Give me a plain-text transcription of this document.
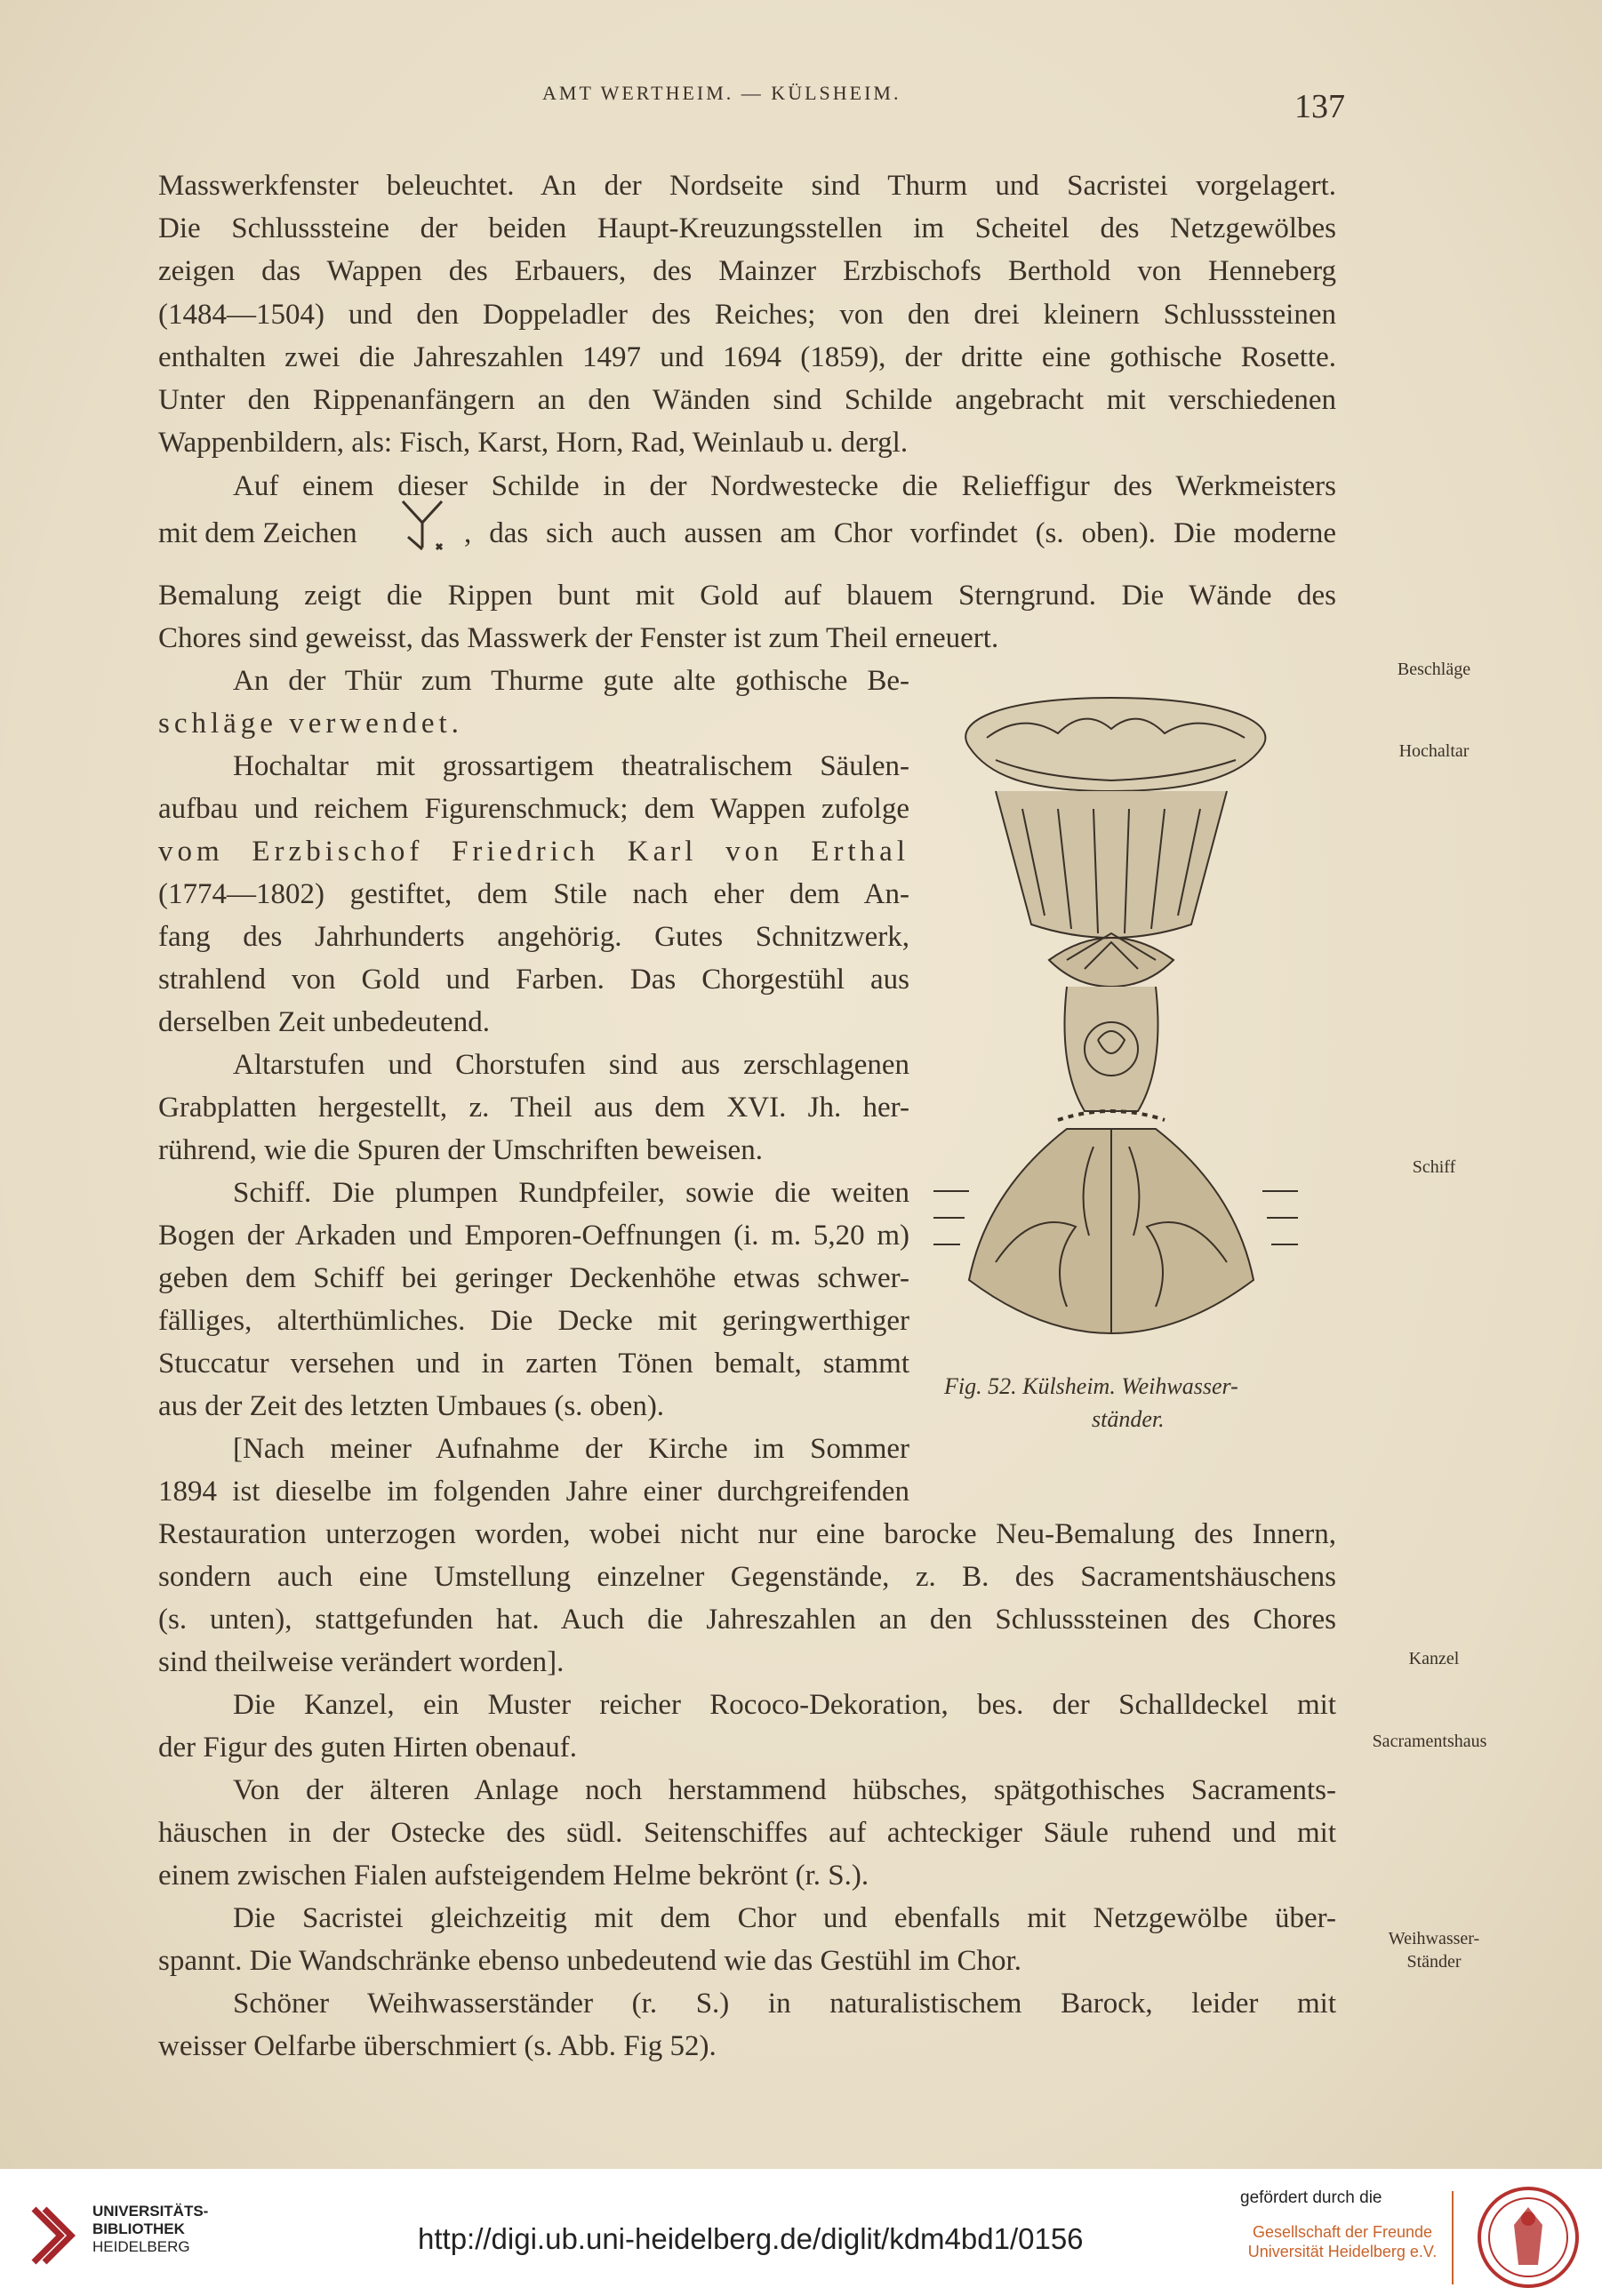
AMT WERTHEIM. — KÜLSHEIM.	137
Masswerkfenster beleuchtet. An der Nordseite sind Thurm und Sacristei vorgelagert.
Die Schlusssteine der beiden Haupt-Kreuzungsstellen im Scheitel des Netzgewölbes
zeigen das Wappen des Erbauers, des Mainzer Erzbischofs Berthold von Henneberg
(1484—1504) und den Doppeladler des Reiches; von den drei kleinern Schlusssteinen
enthalten zwei die Jahreszahlen 1497 und 1694 (1859), der dritte eine gothische Rosette.
Unter den Rippenanfängern an den Wänden sind Schilde angebracht mit verschiedenen
Wappenbildern, als: Fisch, Karst, Horn, Rad, Weinlaub u. dergl.
Auf einem dieser Schilde in der Nordwestecke die Relieffigur des Werkmeisters
mit dem Zeichen	, das sich auch aussen am Chor vorfindet (s. oben). Die moderne
Bemalung zeigt die Rippen bunt mit Gold auf blauem Sterngrund. Die Wände des
Chores sind geweisst, das Masswerk der Fenster ist zum Theil erneuert.
An der Thür zum Thurme gute alte gothische Be-
schläge verwendet.
Hochaltar mit grossartigem theatralischem Säulen-
aufbau und reichem Figurenschmuck; dem Wappen zufolge
vom Erzbischof Friedrich Karl von Erthal
(1774—1802) gestiftet, dem Stile nach eher dem An-
fang des Jahrhunderts angehörig. Gutes Schnitzwerk,
strahlend von Gold und Farben. Das Chorgestühl aus
derselben Zeit unbedeutend.
Altarstufen und Chorstufen sind aus zerschlagenen
Grabplatten hergestellt, z. Theil aus dem XVI. Jh. her-
rührend, wie die Spuren der Umschriften beweisen.
Schiff. Die plumpen Rundpfeiler, sowie die weiten
Bogen der Arkaden und Emporen-Oeffnungen (i. m. 5,20 m)
geben dem Schiff bei geringer Deckenhöhe etwas schwer-
fälliges, alterthümliches. Die Decke mit geringwerthiger
Stuccatur versehen und in zarten Tönen bemalt, stammt
aus der Zeit des letzten Umbaues (s. oben).
[Nach meiner Aufnahme der Kirche im Sommer
1894 ist dieselbe im folgenden Jahre einer durchgreifenden
Restauration unterzogen worden, wobei nicht nur eine barocke Neu-Bemalung des Innern,
sondern auch eine Umstellung einzelner Gegenstände, z. B. des Sacramentshäuschens
(s. unten), stattgefunden hat. Auch die Jahreszahlen an den Schlusssteinen des Chores
sind theilweise verändert worden].
Die Kanzel, ein Muster reicher Rococo-Dekoration, bes. der Schalldeckel mit
der Figur des guten Hirten obenauf.
Von der älteren Anlage noch herstammend hübsches, spätgothisches Sacraments-
häuschen in der Ostecke des südl. Seitenschiffes auf achteckiger Säule ruhend und mit
einem zwischen Fialen aufsteigendem Helme bekrönt (r. S.).
Die Sacristei gleichzeitig mit dem Chor und ebenfalls mit Netzgewölbe über-
spannt. Die Wandschränke ebenso unbedeutend wie das Gestühl im Chor.
Schöner Weihwasserständer (r. S.) in naturalistischem Barock, leider mit
weisser Oelfarbe überschmiert (s. Abb. Fig 52).
Beschläge
Hochaltar
Schiff
Kanzel
Sacramentshaus
Weihwasser-
Ständer
Fig. 52. Külsheim. Weihwasser-
ständer.
UNIVERSITÄTS-
BIBLIOTHEK
HEIDELBERG	http://digi.ub.uni-heidelberg.de/diglit/kdm4bd1/0156
gefördert durch die
Gesellschaft der Freunde
Universität Heidelberg e.V.
